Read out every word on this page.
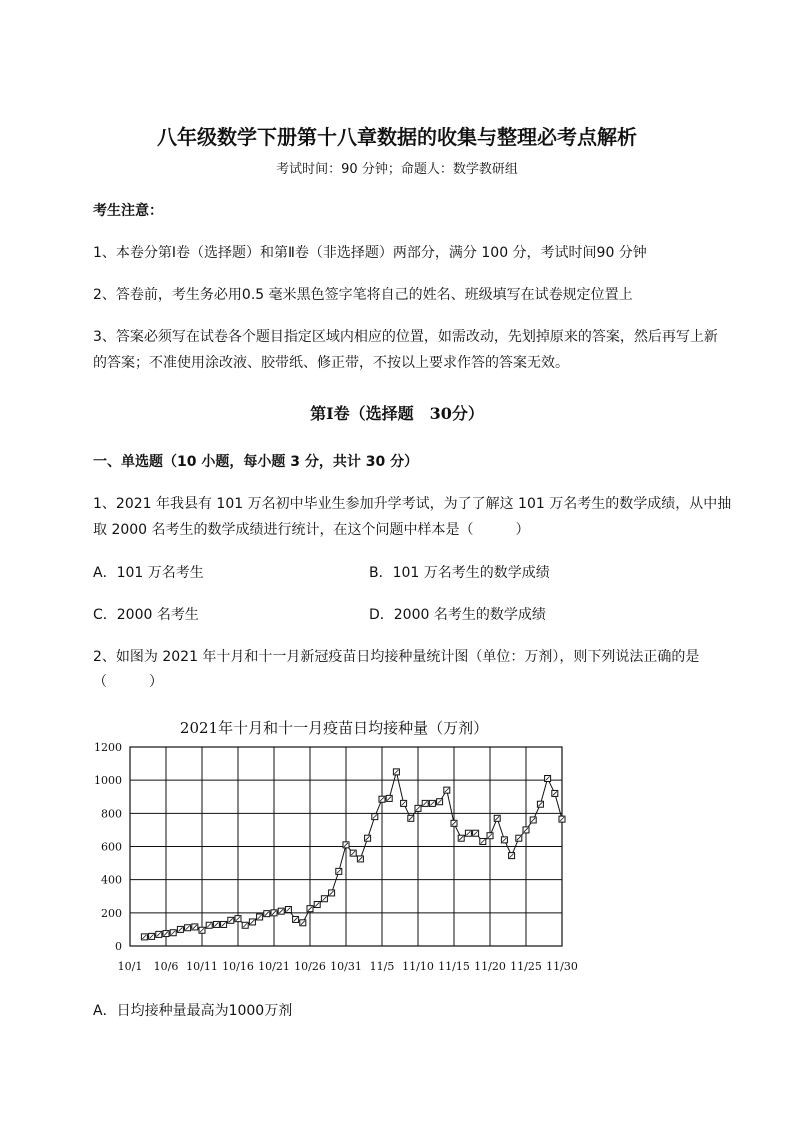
八年级数学下册第十八章数据的收集与整理必考点解析
考试时间：90 分钟；命题人：数学教研组
考生注意：
1、本卷分第Ⅰ卷（选择题）和第Ⅱ卷（非选择题）两部分，满分 100 分，考试时间90 分钟
2、答卷前，考生务必用0.5 毫米黑色签字笔将自己的姓名、班级填写在试卷规定位置上
3、答案必须写在试卷各个题目指定区域内相应的位置，如需改动，先划掉原来的答案，然后再写上新
的答案；不准使用涂改液、胶带纸、修正带，不按以上要求作答的答案无效。
第Ⅰ卷（选择题　30分）
一、单选题（10 小题，每小题 3 分，共计 30 分）
1、2021 年我县有 101 万名初中毕业生参加升学考试，为了了解这 101 万名考生的数学成绩，从中抽
取 2000 名考生的数学成绩进行统计，在这个问题中样本是（　　　）
A．101 万名考生	B．101 万名考生的数学成绩
C．2000 名考生	D．2000 名考生的数学成绩
2、如图为 2021 年十月和十一月新冠疫苗日均接种量统计图（单位：万剂），则下列说法正确的是
（　　　）
2021年十月和十一月疫苗日均接种量（万剂）
0
200
400
600
800
1000
1200
10/1 10/6 10/11 10/16 10/21 10/26 10/31 11/5 11/10 11/15 11/20 11/25 11/30
A．日均接种量最高为1000万剂
